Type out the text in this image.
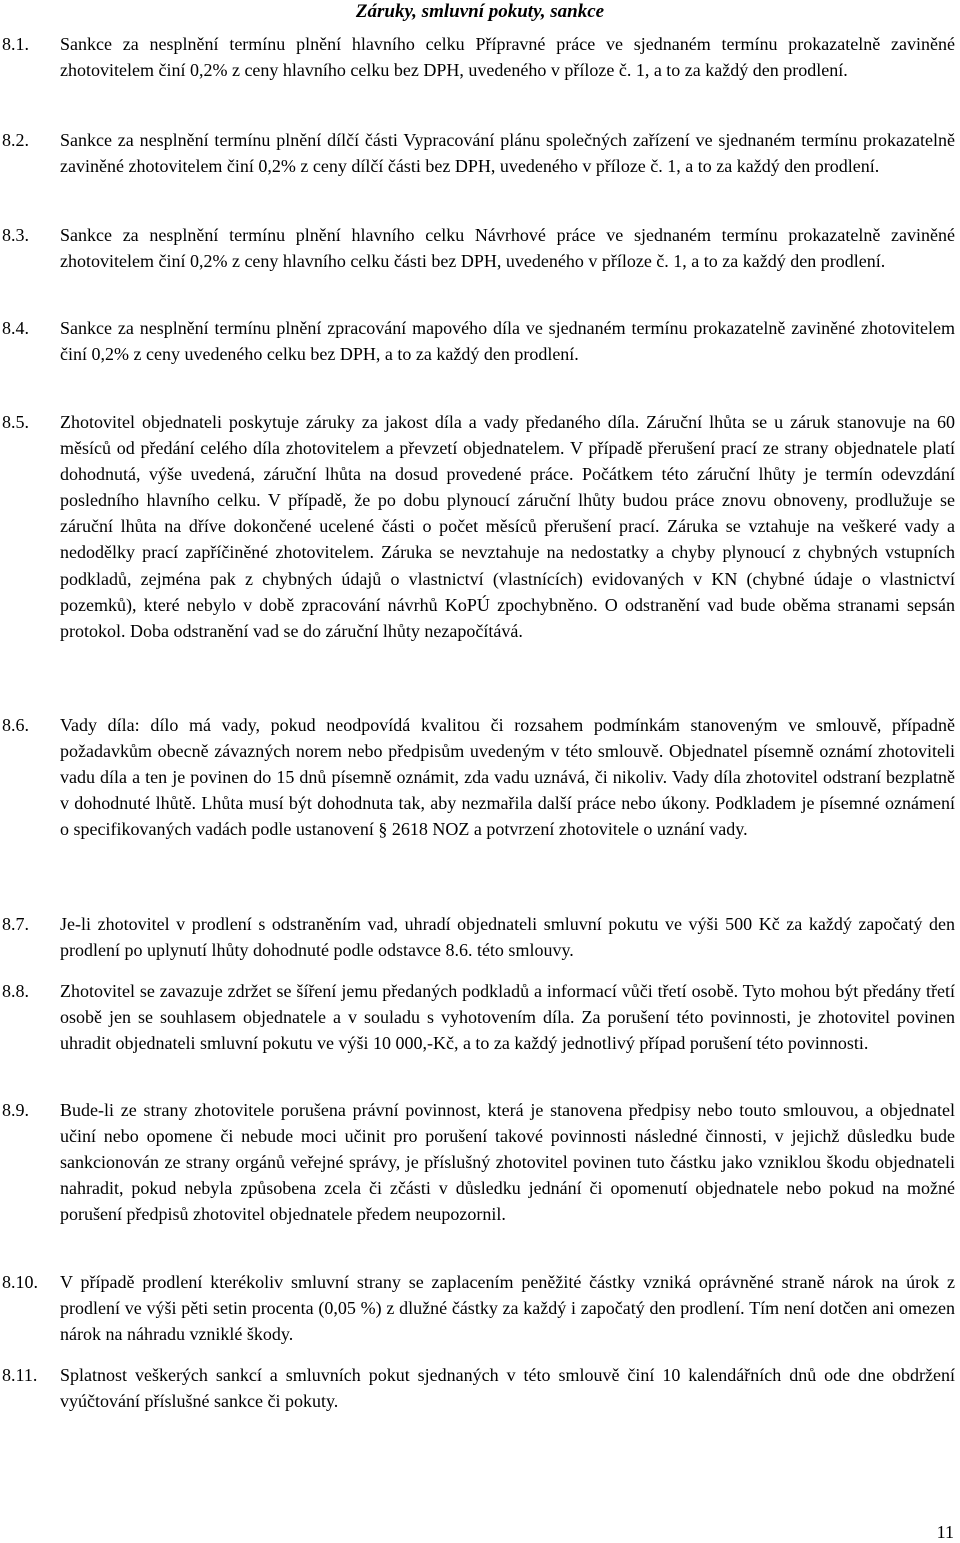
Záruky, smluvní pokuty, sankce
8.1. Sankce za nesplnění termínu plnění hlavního celku Přípravné práce ve sjednaném termínu prokazatelně zaviněné zhotovitelem činí 0,2% z ceny hlavního celku bez DPH, uvedeného v příloze č. 1, a to za každý den prodlení.

8.2. Sankce za nesplnění termínu plnění dílčí části Vypracování plánu společných zařízení ve sjednaném termínu prokazatelně zaviněné zhotovitelem činí 0,2% z ceny dílčí části bez DPH, uvedeného v příloze č. 1, a to za každý den prodlení.

8.3. Sankce za nesplnění termínu plnění hlavního celku Návrhové práce ve sjednaném termínu prokazatelně zaviněné zhotovitelem činí 0,2% z ceny hlavního celku části bez DPH, uvedeného v příloze č. 1, a to za každý den prodlení.

8.4. Sankce za nesplnění termínu plnění zpracování mapového díla ve sjednaném termínu prokazatelně zaviněné zhotovitelem činí 0,2% z ceny uvedeného celku bez DPH, a to za každý den prodlení.

8.5. Zhotovitel objednateli poskytuje záruky za jakost díla a vady předaného díla. Záruční lhůta se u záruk stanovuje na 60 měsíců od předání celého díla zhotovitelem a převzetí objednatelem. V případě přerušení prací ze strany objednatele platí dohodnutá, výše uvedená, záruční lhůta na dosud provedené práce. Počátkem této záruční lhůty je termín odevzdání posledního hlavního celku. V případě, že po dobu plynoucí záruční lhůty budou práce znovu obnoveny, prodlužuje se záruční lhůta na dříve dokončené ucelené části o počet měsíců přerušení prací. Záruka se vztahuje na veškeré vady a nedodělky prací zapříčiněné zhotovitelem. Záruka se nevztahuje na nedostatky a chyby plynoucí z chybných vstupních podkladů, zejména pak z chybných údajů o vlastnictví (vlastnících) evidovaných v KN (chybné údaje o vlastnictví pozemků), které nebylo v době zpracování návrhů KoPÚ zpochybněno. O odstranění vad bude oběma stranami sepsán protokol. Doba odstranění vad se do záruční lhůty nezapočítává.

8.6. Vady díla: dílo má vady, pokud neodpovídá kvalitou či rozsahem podmínkám stanoveným ve smlouvě, případně požadavkům obecně závazných norem nebo předpisům uvedeným v této smlouvě. Objednatel písemně oznámí zhotoviteli vadu díla a ten je povinen do 15 dnů písemně oznámit, zda vadu uznává, či nikoliv. Vady díla zhotovitel odstraní bezplatně v dohodnuté lhůtě. Lhůta musí být dohodnuta tak, aby nezmařila další práce nebo úkony. Podkladem je písemné oznámení o specifikovaných vadách podle ustanovení § 2618 NOZ a potvrzení zhotovitele o uznání vady.

8.7. Je-li zhotovitel v prodlení s odstraněním vad, uhradí objednateli smluvní pokutu ve výši 500 Kč za každý započatý den prodlení po uplynutí lhůty dohodnuté podle odstavce 8.6. této smlouvy.

8.8. Zhotovitel se zavazuje zdržet se šíření jemu předaných podkladů a informací vůči třetí osobě. Tyto mohou být předány třetí osobě jen se souhlasem objednatele a v souladu s vyhotovením díla. Za porušení této povinnosti, je zhotovitel povinen uhradit objednateli smluvní pokutu ve výši 10 000,-Kč, a to za každý jednotlivý případ porušení této povinnosti.

8.9. Bude-li ze strany zhotovitele porušena právní povinnost, která je stanovena předpisy nebo touto smlouvou, a objednatel učiní nebo opomene či nebude moci učinit pro porušení takové povinnosti následné činnosti, v jejichž důsledku bude sankcionován ze strany orgánů veřejné správy, je příslušný zhotovitel povinen tuto částku jako vzniklou škodu objednateli nahradit, pokud nebyla způsobena zcela či zčásti v důsledku jednání či opomenutí objednatele nebo pokud na možné porušení předpisů zhotovitel objednatele předem neupozornil.

8.10. V případě prodlení kterékoliv smluvní strany se zaplacením peněžité částky vzniká oprávněné straně nárok na úrok z prodlení ve výši pěti setin procenta (0,05 %) z dlužné částky za každý i započatý den prodlení. Tím není dotčen ani omezen nárok na náhradu vzniklé škody.

8.11. Splatnost veškerých sankcí a smluvních pokut sjednaných v této smlouvě činí 10 kalendářních dnů ode dne obdržení vyúčtování příslušné sankce či pokuty.

11
